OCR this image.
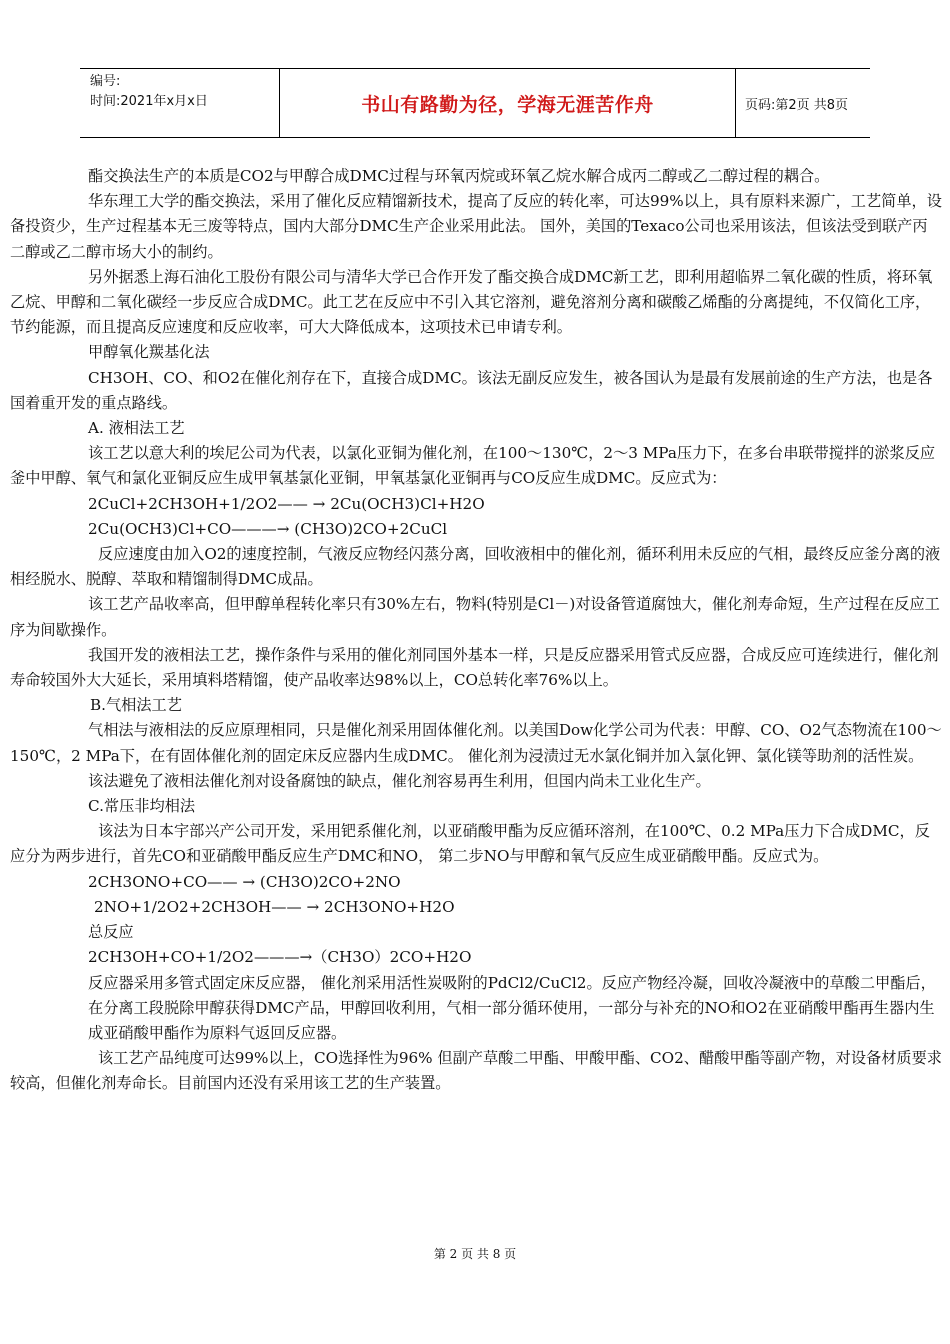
编号:
时间:2021年x月x日	书山有路勤为径，学海无涯苦作舟	页码:第2页 共8页

酯交换法生产的本质是CO2与甲醇合成DMC过程与环氧丙烷或环氧乙烷水解合成丙二醇或乙二醇过程的耦合。

华东理工大学的酯交换法，采用了催化反应精馏新技术，提高了反应的转化率，可达99%以上，具有原料来源广，工艺简单，设备投资少，生产过程基本无三废等特点，国内大部分DMC生产企业采用此法。 国外，美国的Texaco公司也采用该法，但该法受到联产丙二醇或乙二醇市场大小的制约。

另外据悉上海石油化工股份有限公司与清华大学已合作开发了酯交换合成DMC新工艺，即利用超临界二氧化碳的性质，将环氧乙烷、甲醇和二氧化碳经一步反应合成DMC。此工艺在反应中不引入其它溶剂，避免溶剂分离和碳酸乙烯酯的分离提纯，不仅简化工序，节约能源，而且提高反应速度和反应收率，可大大降低成本，这项技术已申请专利。

甲醇氧化羰基化法

CH3OH、CO、和O2在催化剂存在下，直接合成DMC。该法无副反应发生，被各国认为是最有发展前途的生产方法，也是各国着重开发的重点路线。

A. 液相法工艺

该工艺以意大利的埃尼公司为代表，以氯化亚铜为催化剂，在100～130℃，2～3 MPa压力下，在多台串联带搅拌的淤浆反应釜中甲醇、氧气和氯化亚铜反应生成甲氧基氯化亚铜，甲氧基氯化亚铜再与CO反应生成DMC。反应式为：

2CuCl+2CH3OH+1/2O2—— → 2Cu(OCH3)Cl+H2O

2Cu(OCH3)Cl+CO———→ (CH3O)2CO+2CuCl

反应速度由加入O2的速度控制，气液反应物经闪蒸分离，回收液相中的催化剂，循环利用未反应的气相，最终反应釜分离的液相经脱水、脱醇、萃取和精馏制得DMC成品。

该工艺产品收率高，但甲醇单程转化率只有30%左右，物料(特别是Cl－)对设备管道腐蚀大，催化剂寿命短，生产过程在反应工序为间歇操作。

我国开发的液相法工艺，操作条件与采用的催化剂同国外基本一样，只是反应器采用管式反应器，合成反应可连续进行，催化剂寿命较国外大大延长，采用填料塔精馏，使产品收率达98%以上，CO总转化率76%以上。

B.气相法工艺

气相法与液相法的反应原理相同，只是催化剂采用固体催化剂。以美国Dow化学公司为代表：甲醇、CO、O2气态物流在100～150℃，2 MPa下，在有固体催化剂的固定床反应器内生成DMC。 催化剂为浸渍过无水氯化铜并加入氯化钾、氯化镁等助剂的活性炭。

该法避免了液相法催化剂对设备腐蚀的缺点，催化剂容易再生利用，但国内尚未工业化生产。

C.常压非均相法

该法为日本宇部兴产公司开发，采用钯系催化剂，以亚硝酸甲酯为反应循环溶剂，在100℃、0.2 MPa压力下合成DMC，反应分为两步进行，首先CO和亚硝酸甲酯反应生产DMC和NO， 第二步NO与甲醇和氧气反应生成亚硝酸甲酯。反应式为。

2CH3ONO+CO—— → (CH3O)2CO+2NO

2NO+1/2O2+2CH3OH—— → 2CH3ONO+H2O

总反应

2CH3OH+CO+1/2O2———→（CH3O）2CO+H2O

反应器采用多管式固定床反应器， 催化剂采用活性炭吸附的PdCl2/CuCl2。反应产物经冷凝，回收冷凝液中的草酸二甲酯后，在分离工段脱除甲醇获得DMC产品，甲醇回收利用，气相一部分循环使用，一部分与补充的NO和O2在亚硝酸甲酯再生器内生成亚硝酸甲酯作为原料气返回反应器。

该工艺产品纯度可达99%以上，CO选择性为96% 但副产草酸二甲酯、甲酸甲酯、CO2、醋酸甲酯等副产物，对设备材质要求较高，但催化剂寿命长。目前国内还没有采用该工艺的生产装置。

第 2 页 共 8 页
